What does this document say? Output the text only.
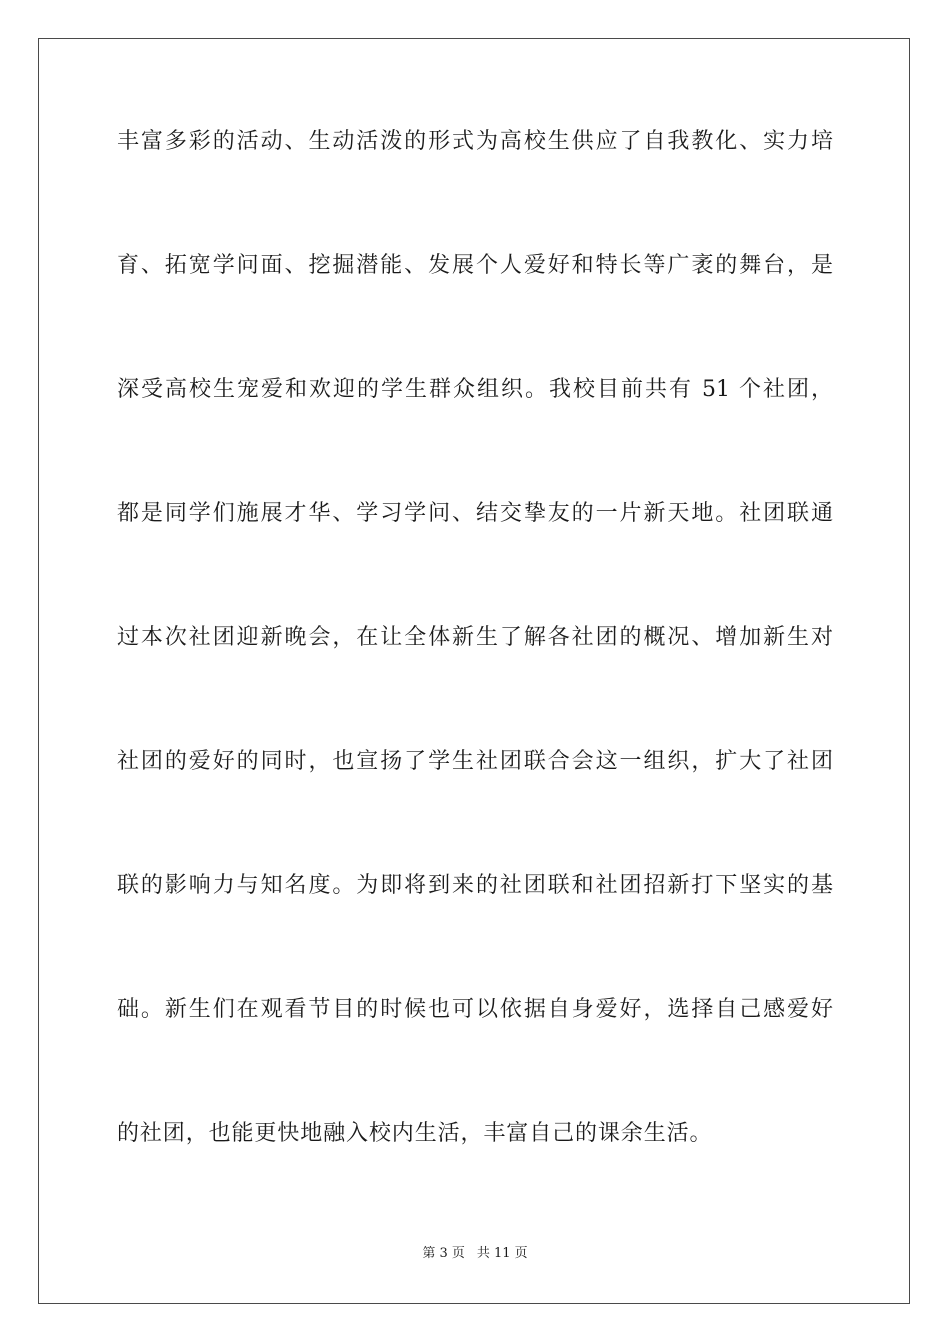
丰富多彩的活动、生动活泼的形式为高校生供应了自我教化、实力培
育、拓宽学问面、挖掘潜能、发展个人爱好和特长等广袤的舞台，是
深受高校生宠爱和欢迎的学生群众组织。我校目前共有 51 个社团，
都是同学们施展才华、学习学问、结交挚友的一片新天地。社团联通
过本次社团迎新晚会，在让全体新生了解各社团的概况、增加新生对
社团的爱好的同时，也宣扬了学生社团联合会这一组织，扩大了社团
联的影响力与知名度。为即将到来的社团联和社团招新打下坚实的基
础。新生们在观看节目的时候也可以依据自身爱好，选择自己感爱好
的社团，也能更快地融入校内生活，丰富自己的课余生活。
第 3 页 共 11 页
